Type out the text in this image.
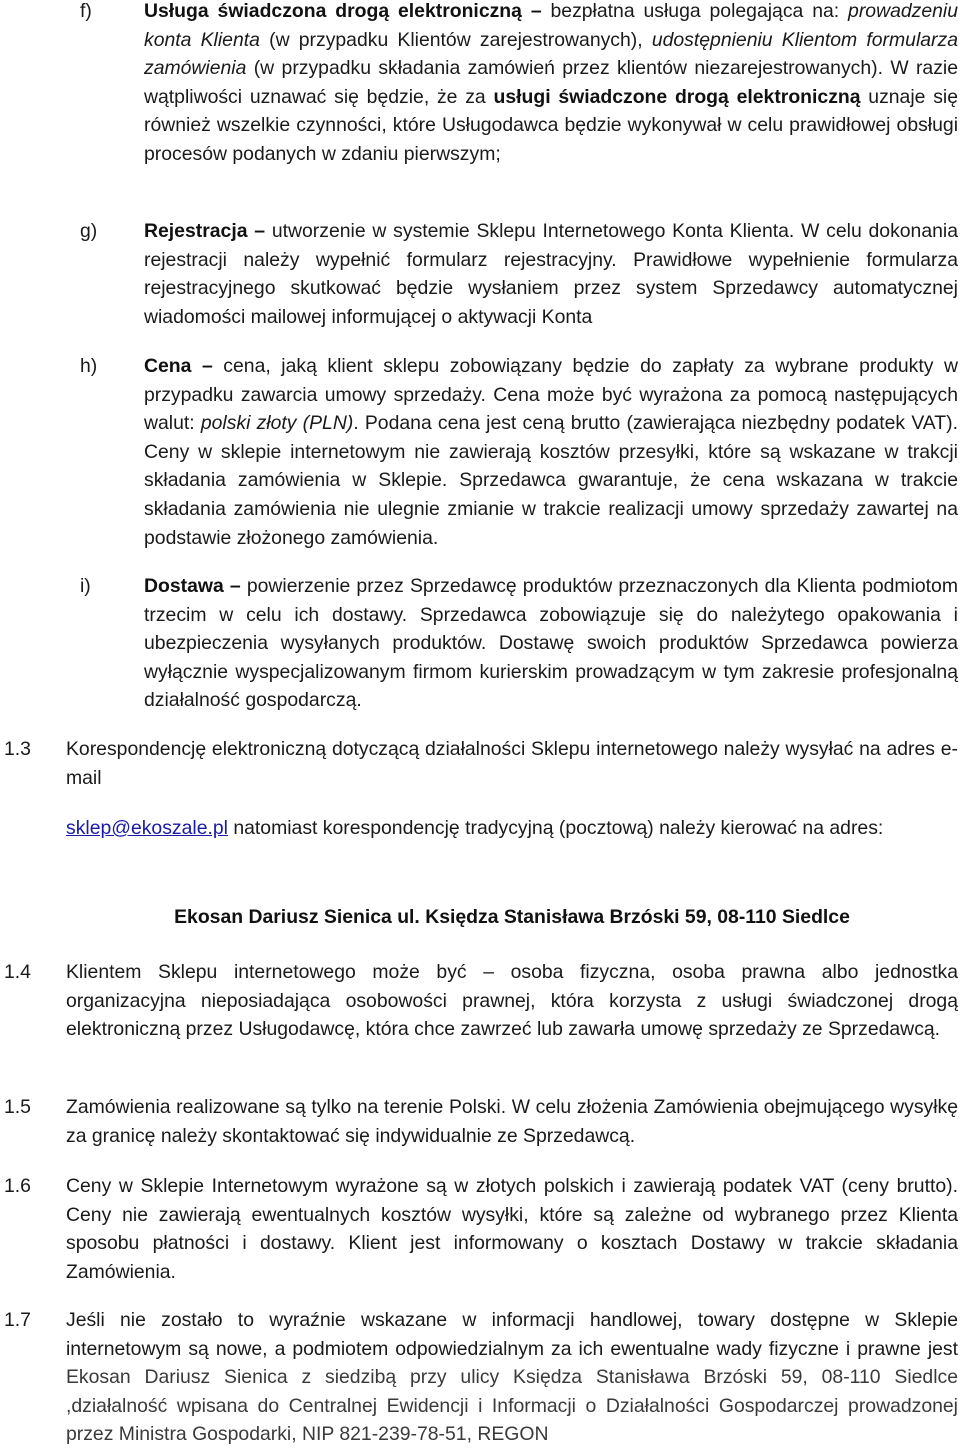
f)	Usługa świadczona drogą elektroniczną – bezpłatna usługa polegająca na: prowadzeniu konta Klienta (w przypadku Klientów zarejestrowanych), udostępnieniu Klientom formularza zamówienia (w przypadku składania zamówień przez klientów niezarejestrowanych). W razie wątpliwości uznawać się będzie, że za usługi świadczone drogą elektroniczną uznaje się również wszelkie czynności, które Usługodawca będzie wykonywał w celu prawidłowej obsługi procesów podanych w zdaniu pierwszym;

g) Rejestracja – utworzenie w systemie Sklepu Internetowego Konta Klienta. W celu dokonania rejestracji należy wypełnić formularz rejestracyjny. Prawidłowe wypełnienie formularza rejestracyjnego skutkować będzie wysłaniem przez system Sprzedawcy automatycznej wiadomości mailowej informującej o aktywacji Konta

h) Cena – cena, jaką klient sklepu zobowiązany będzie do zapłaty za wybrane produkty w przypadku zawarcia umowy sprzedaży. Cena może być wyrażona za pomocą następujących walut: polski złoty (PLN). Podana cena jest ceną brutto (zawierająca niezbędny podatek VAT). Ceny w sklepie internetowym nie zawierają kosztów przesyłki, które są wskazane w trakcji składania zamówienia w Sklepie. Sprzedawca gwarantuje, że cena wskazana w trakcie składania zamówienia nie ulegnie zmianie w trakcie realizacji umowy sprzedaży zawartej na podstawie złożonego zamówienia.

i)	Dostawa – powierzenie przez Sprzedawcę produktów przeznaczonych dla Klienta podmiotom trzecim w celu ich dostawy. Sprzedawca zobowiązuje się do należytego opakowania i ubezpieczenia wysyłanych produktów. Dostawę swoich produktów Sprzedawca powierza wyłącznie wyspecjalizowanym firmom kurierskim prowadzącym w tym zakresie profesjonalną działalność gospodarczą.

1.3 Korespondencję elektroniczną dotyczącą działalności Sklepu internetowego należy wysyłać na adres e-mail

sklep@ekoszale.pl natomiast korespondencję tradycyjną (pocztową) należy kierować na adres:

Ekosan Dariusz Sienica ul. Księdza Stanisława Brzóski 59, 08-110 Siedlce
1.4 Klientem Sklepu internetowego może być – osoba fizyczna, osoba prawna albo jednostka organizacyjna nieposiadająca osobowości prawnej, która korzysta z usługi świadczonej drogą elektroniczną przez Usługodawcę, która chce zawrzeć lub zawarła umowę sprzedaży ze Sprzedawcą.

1.5 Zamówienia realizowane są tylko na terenie Polski. W celu złożenia Zamówienia obejmującego wysyłkę za granicę należy skontaktować się indywidualnie ze Sprzedawcą.

1.6 Ceny w Sklepie Internetowym wyrażone są w złotych polskich i zawierają podatek VAT (ceny brutto). Ceny nie zawierają ewentualnych kosztów wysyłki, które są zależne od wybranego przez Klienta sposobu płatności i dostawy. Klient jest informowany o kosztach Dostawy w trakcie składania Zamówienia.

1.7 Jeśli nie zostało to wyraźnie wskazane w informacji handlowej, towary dostępne w Sklepie internetowym są nowe, a podmiotem odpowiedzialnym za ich ewentualne wady fizyczne i prawne jest Ekosan Dariusz Sienica z siedzibą przy ulicy Księdza Stanisława Brzóski 59, 08-110 Siedlce ,działalność wpisana do Centralnej Ewidencji i Informacji o Działalności Gospodarczej prowadzonej przez Ministra Gospodarki, NIP 821-239-78-51, REGON
